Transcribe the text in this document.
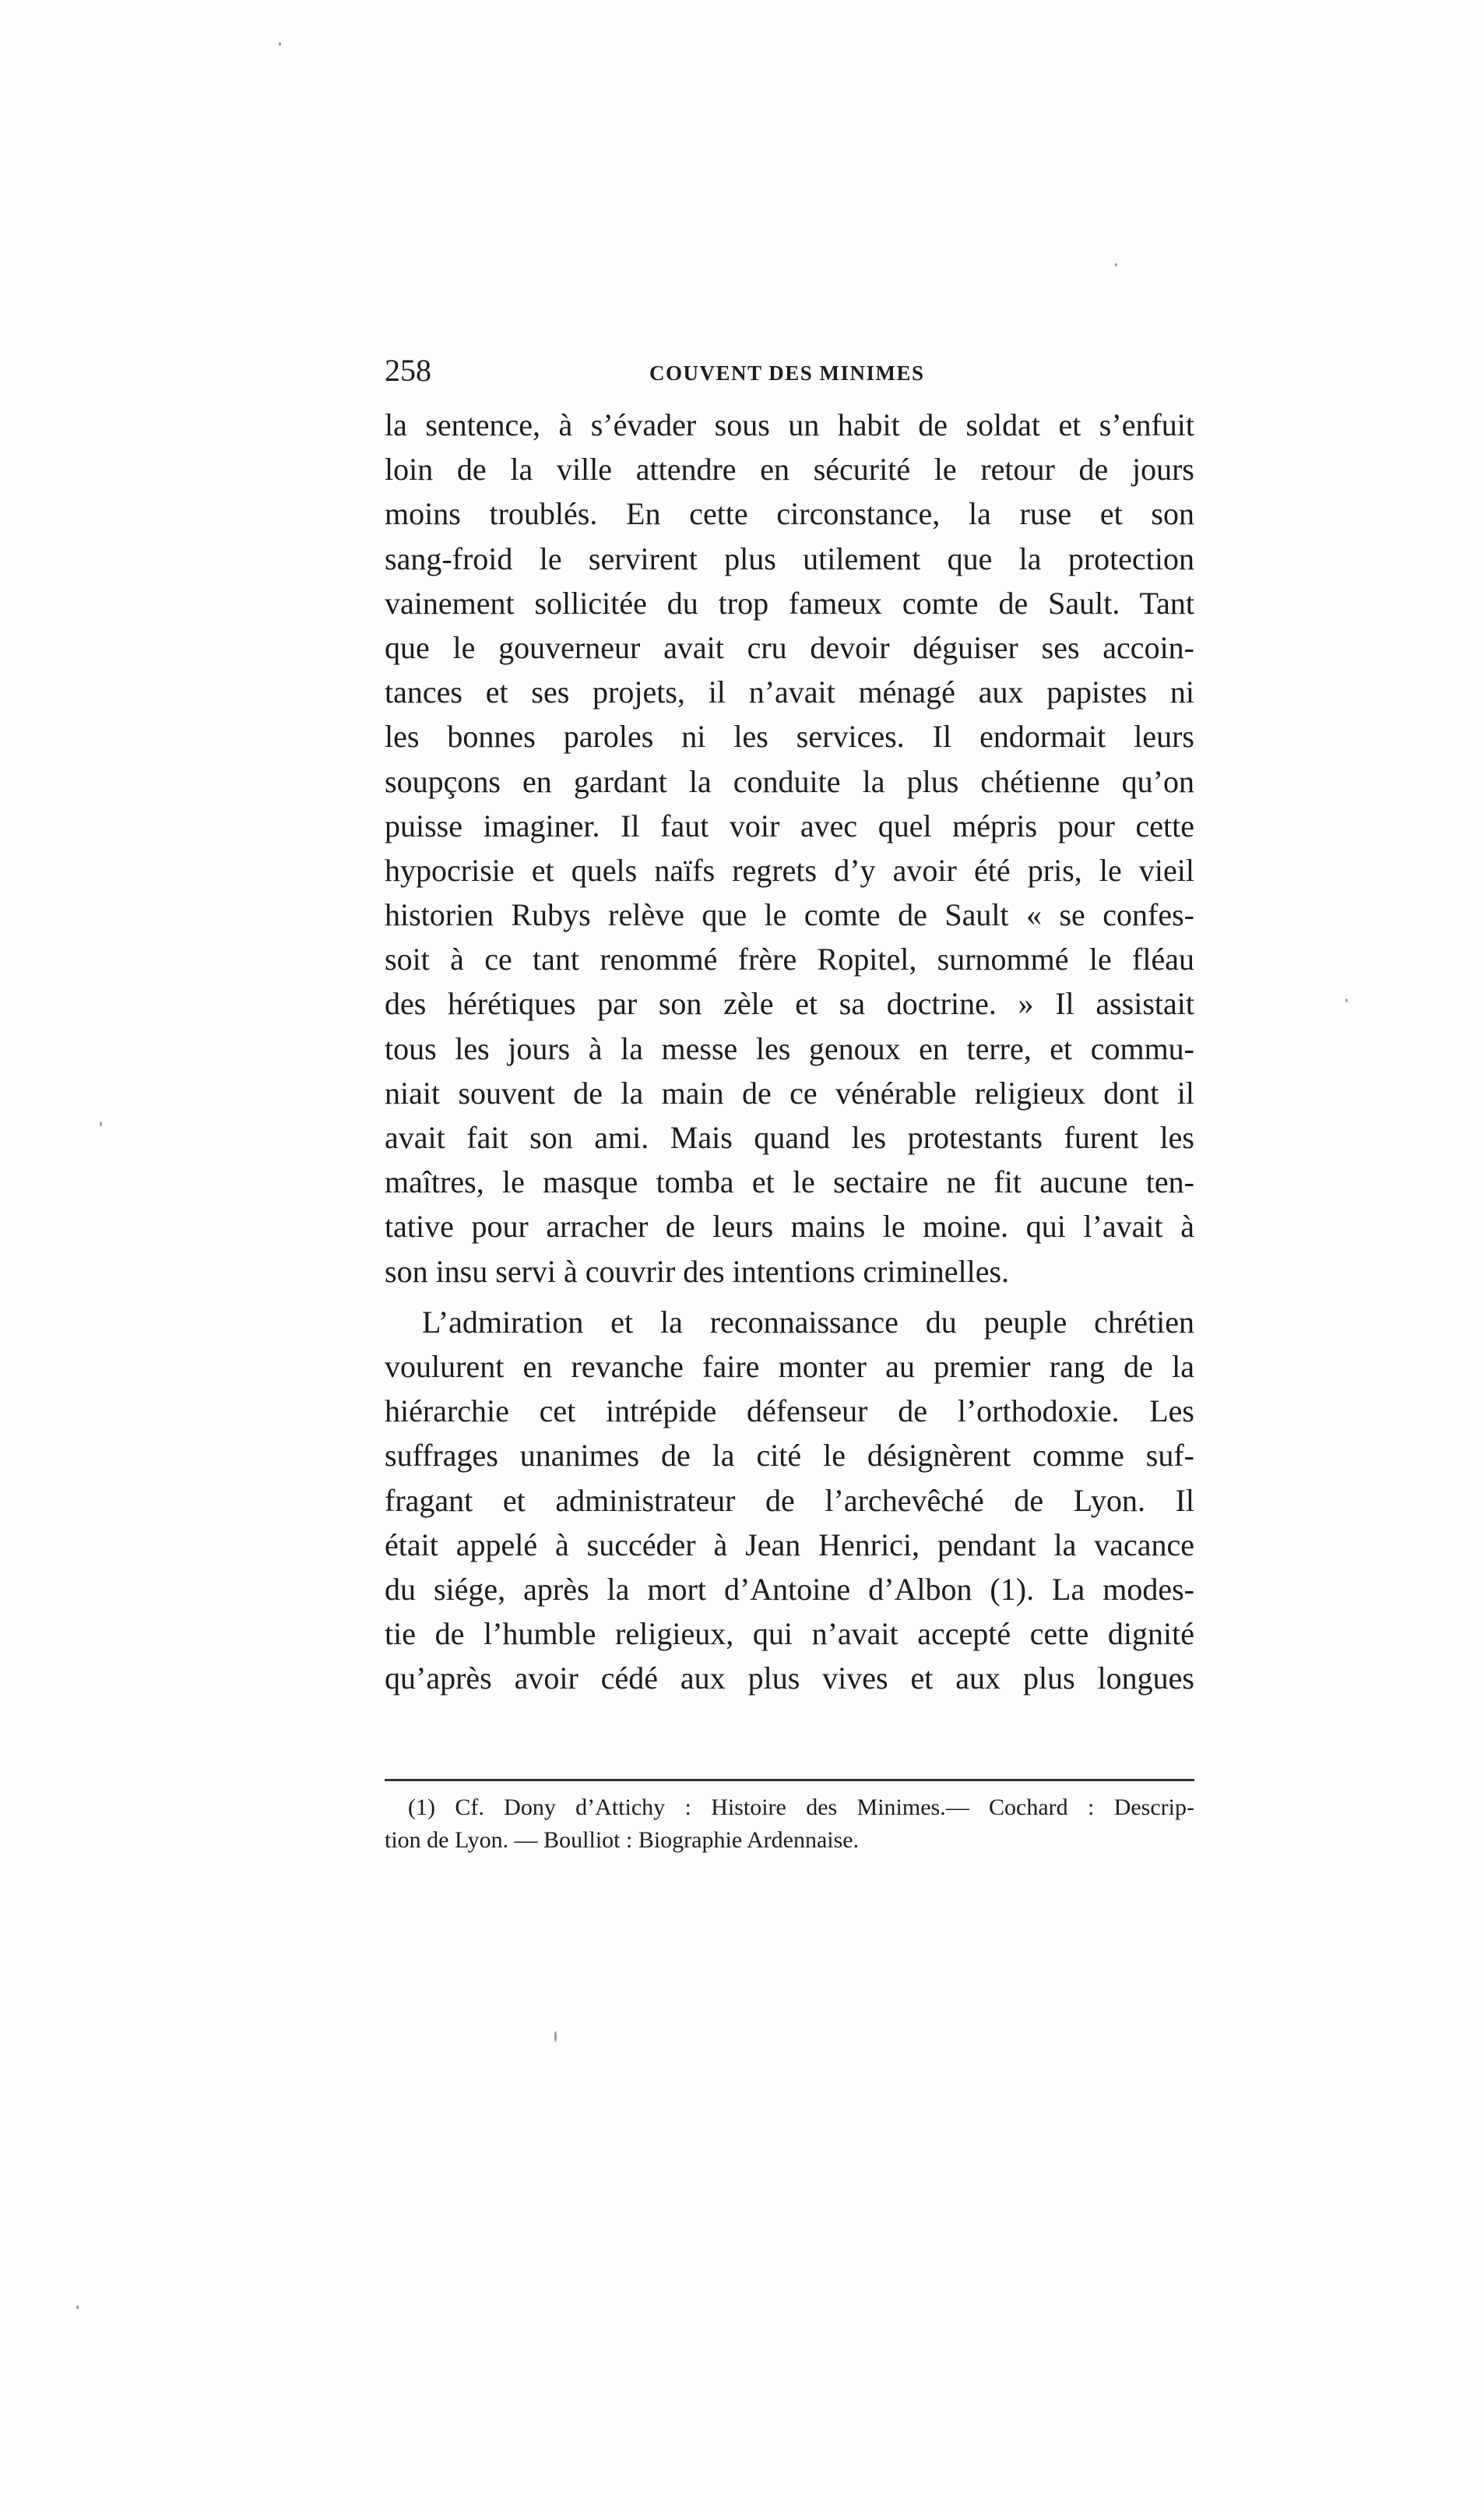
258	COUVENT DES MINIMES
la sentence, à s’évader sous un habit de soldat et s’enfuit
loin de la ville attendre en sécurité le retour de jours
moins troublés. En cette circonstance, la ruse et son
sang-froid le servirent plus utilement que la protection
vainement sollicitée du trop fameux comte de Sault. Tant
que le gouverneur avait cru devoir déguiser ses accoin-
tances et ses projets, il n’avait ménagé aux papistes ni
les bonnes paroles ni les services. Il endormait leurs
soupçons en gardant la conduite la plus chétienne qu’on
puisse imaginer. Il faut voir avec quel mépris pour cette
hypocrisie et quels naïfs regrets d’y avoir été pris, le vieil
historien Rubys relève que le comte de Sault « se confes-
soit à ce tant renommé frère Ropitel, surnommé le fléau
des hérétiques par son zèle et sa doctrine. » Il assistait
tous les jours à la messe les genoux en terre, et commu-
niait souvent de la main de ce vénérable religieux dont il
avait fait son ami. Mais quand les protestants furent les
maîtres, le masque tomba et le sectaire ne fit aucune ten-
tative pour arracher de leurs mains le moine. qui l’avait à
son insu servi à couvrir des intentions criminelles.
L’admiration et la reconnaissance du peuple chrétien
voulurent en revanche faire monter au premier rang de la
hiérarchie cet intrépide défenseur de l’orthodoxie. Les
suffrages unanimes de la cité le désignèrent comme suf-
fragant et administrateur de l’archevêché de Lyon. Il
était appelé à succéder à Jean Henrici, pendant la vacance
du siége, après la mort d’Antoine d’Albon (1). La modes-
tie de l’humble religieux, qui n’avait accepté cette dignité
qu’après avoir cédé aux plus vives et aux plus longues
(1) Cf. Dony d’Attichy : Histoire des Minimes.— Cochard : Descrip-
tion de Lyon. — Boulliot : Biographie Ardennaise.
